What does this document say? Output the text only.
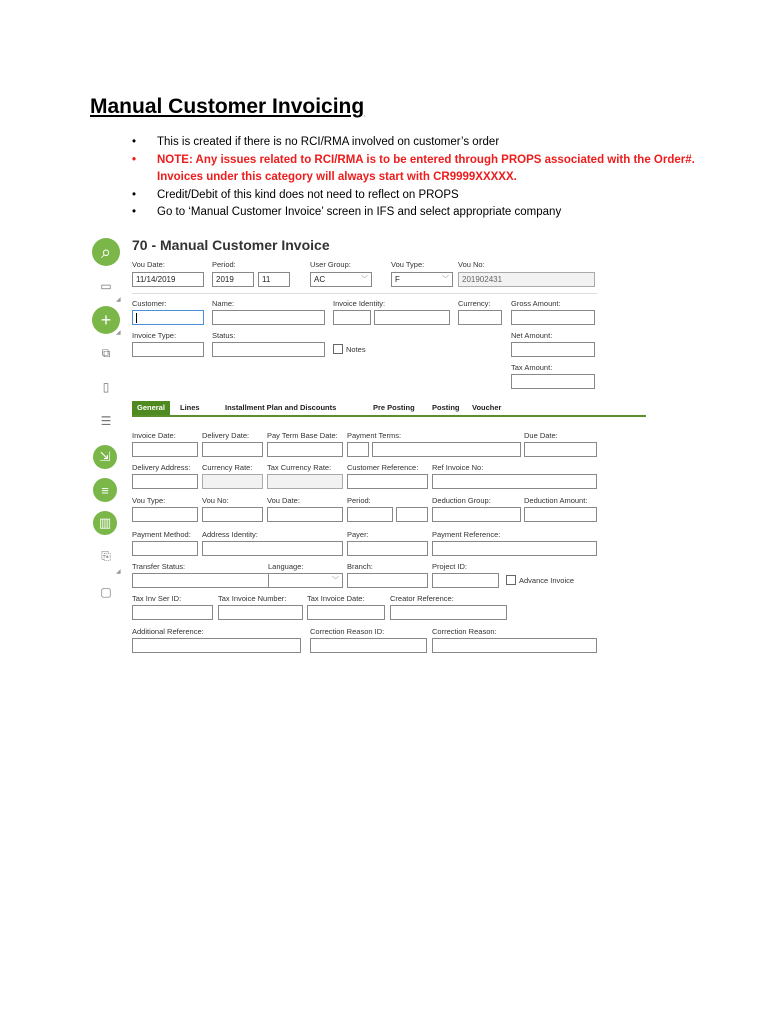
Manual Customer Invoicing
• This is created if there is no RCI/RMA involved on customer’s order
• NOTE: Any issues related to RCI/RMA is to be entered through PROPS associated with the Order#. Invoices under this category will always start with CR9999XXXXX.
• Credit/Debit of this kind does not need to reflect on PROPS
• Go to ‘Manual Customer Invoice’ screen in IFS and select appropriate company
⌕
▭
◢
+
◢
⧉
▯
☰
⇲
≡
▥
⎘
◢
▢
70 - Manual Customer Invoice
Vou Date:
11/14/2019
Period:
2019	11
User Group:
AC	﹀
Vou Type:
F	﹀
Vou No:
201902431
Customer:	Name:	Invoice Identity:	Currency:	Gross Amount:
Invoice Type:	Status:
Notes
Net Amount:
Tax Amount:
General	Lines	Installment Plan and Discounts	Pre Posting Posting Voucher
Invoice Date:	Delivery Date: Pay Term Base Date: Payment Terms:	Due Date:
Delivery Address: Currency Rate: Tax Currency Rate: Customer Reference: Ref Invoice No:
Vou Type:	Vou No:	Vou Date:	Period:	Deduction Group:	Deduction Amount:
Payment Method: Address Identity:	Payer:	Payment Reference:
Transfer Status:	Language:
﹀
Branch:	Project ID:
Advance Invoice
Tax Inv Ser ID:	Tax Invoice Number:	Tax Invoice Date:	Creator Reference:
Additional Reference:	Correction Reason ID:	Correction Reason:
